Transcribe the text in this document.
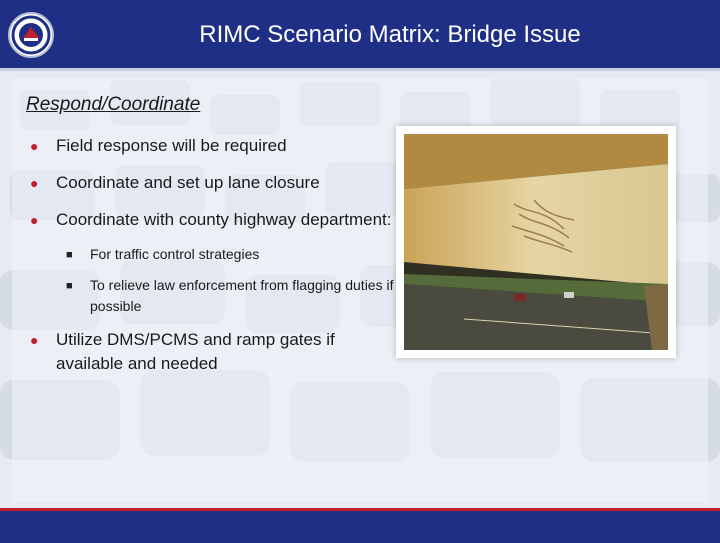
RIMC Scenario Matrix: Bridge Issue
Respond/Coordinate
● Field response will be required
● Coordinate and set up lane closure
● Coordinate with county highway department:
■ For traffic control strategies
■ To relieve law enforcement from flagging duties if possible
● Utilize DMS/PCMS and ramp gates if available and needed
